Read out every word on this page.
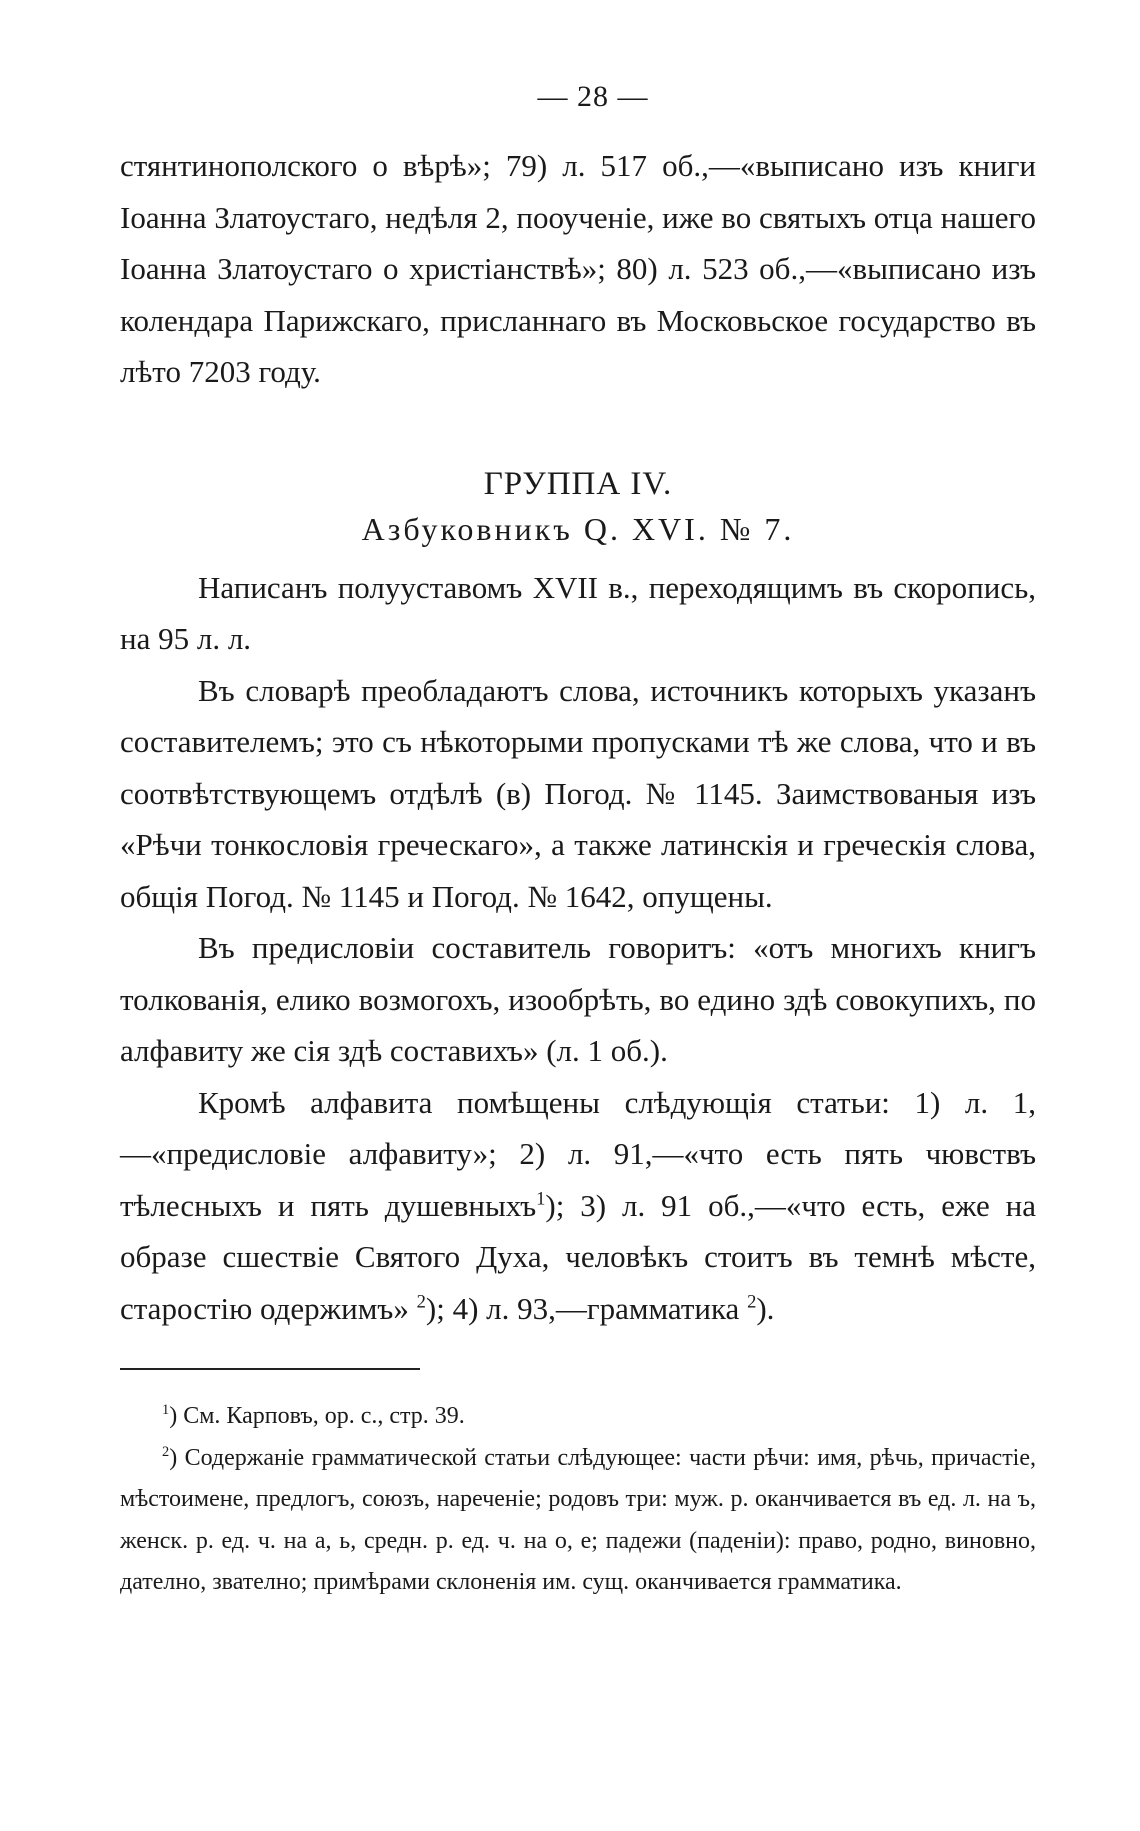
— 28 —

стянтинополского о вѣрѣ»; 79) л. 517 об.,—«выписано изъ книги Іоанна Златоустаго, недѣля 2, пооученіе, иже во святыхъ отца нашего Іоанна Златоустаго о христіанствѣ»; 80) л. 523 об.,—«выписано изъ колендара Парижскаго, присланнаго въ Московьское государство въ лѣто 7203 году.

ГРУППА IV.
Азбуковникъ Q. XVI. № 7.

Написанъ полууставомъ XVII в., переходящимъ въ скоропись, на 95 л. л.

Въ словарѣ преобладаютъ слова, источникъ которыхъ указанъ составителемъ; это съ нѣкоторыми пропусками тѣ же слова, что и въ соотвѣтствующемъ отдѣлѣ (в) Погод. № 1145. Заимствованыя изъ «Рѣчи тонкословія греческаго», а также латинскія и греческія слова, общія Погод. № 1145 и Погод. № 1642, опущены.

Въ предисловіи составитель говоритъ: «отъ многихъ книгъ толкованія, елико возмогохъ, изообрѣть, во едино здѣ совокупихъ, по алфавиту же сія здѣ составихъ» (л. 1 об.).

Кромѣ алфавита помѣщены слѣдующія статьи: 1) л. 1,—«предисловіе алфавиту»; 2) л. 91,—«что есть пять чювствъ тѣлесныхъ и пять душевныхъ$^1$); 3) л. 91 об.,—«что есть, еже на образе сшествіе Святого Духа, человѣкъ стоитъ въ темнѣ мѣсте, старостію одержимъ» $^2$); 4) л. 93,—грамматика $^2$).

$^1$) См. Карповъ, ор. с., стр. 39.

$^2$) Содержаніе грамматической статьи слѣдующее: части рѣчи: имя, рѣчь, причастіе, мѣстоимене, предлогъ, союзъ, нареченіе; родовъ три: муж. р. оканчивается въ ед. л. на ъ, женск. р. ед. ч. на а, ь, средн. р. ед. ч. на о, е; падежи (паденіи): право, родно, виновно, дателно, звателно; примѣрами склоненія им. сущ. оканчивается грамматика.
